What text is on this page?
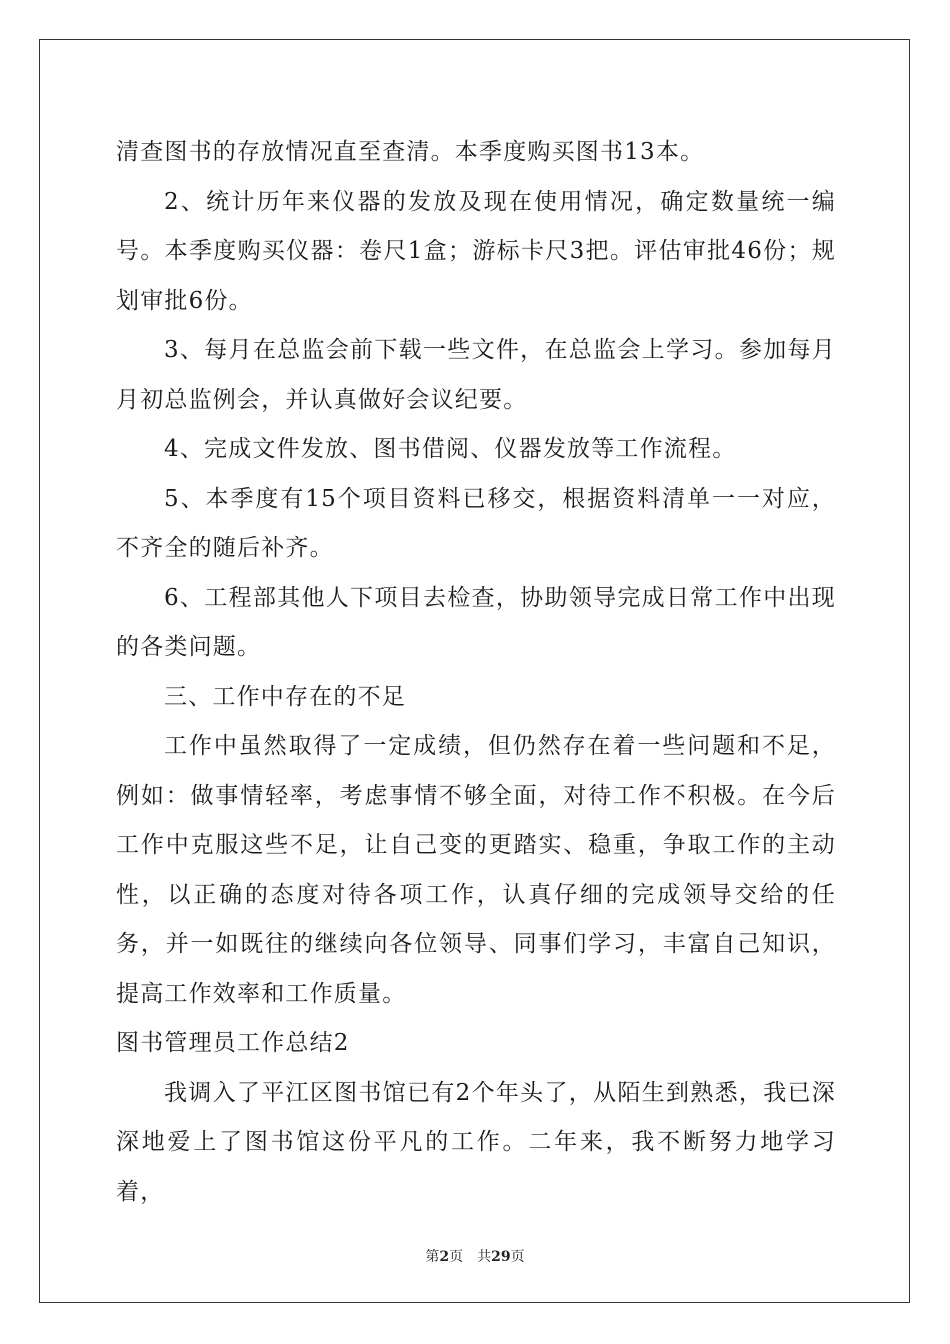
清查图书的存放情况直至查清。本季度购买图书13本。

2、统计历年来仪器的发放及现在使用情况，确定数量统一编号。本季度购买仪器：卷尺1盒；游标卡尺3把。评估审批46份；规划审批6份。

3、每月在总监会前下载一些文件，在总监会上学习。参加每月月初总监例会，并认真做好会议纪要。

4、完成文件发放、图书借阅、仪器发放等工作流程。

5、本季度有15个项目资料已移交，根据资料清单一一对应，不齐全的随后补齐。

6、工程部其他人下项目去检查，协助领导完成日常工作中出现的各类问题。

三、工作中存在的不足

工作中虽然取得了一定成绩，但仍然存在着一些问题和不足，例如：做事情轻率，考虑事情不够全面，对待工作不积极。在今后工作中克服这些不足，让自己变的更踏实、稳重，争取工作的主动性，以正确的态度对待各项工作，认真仔细的完成领导交给的任务，并一如既往的继续向各位领导、同事们学习，丰富自己知识，提高工作效率和工作质量。

图书管理员工作总结2

我调入了平江区图书馆已有2个年头了，从陌生到熟悉，我已深深地爱上了图书馆这份平凡的工作。二年来，我不断努力地学习着，

第2页 共29页
